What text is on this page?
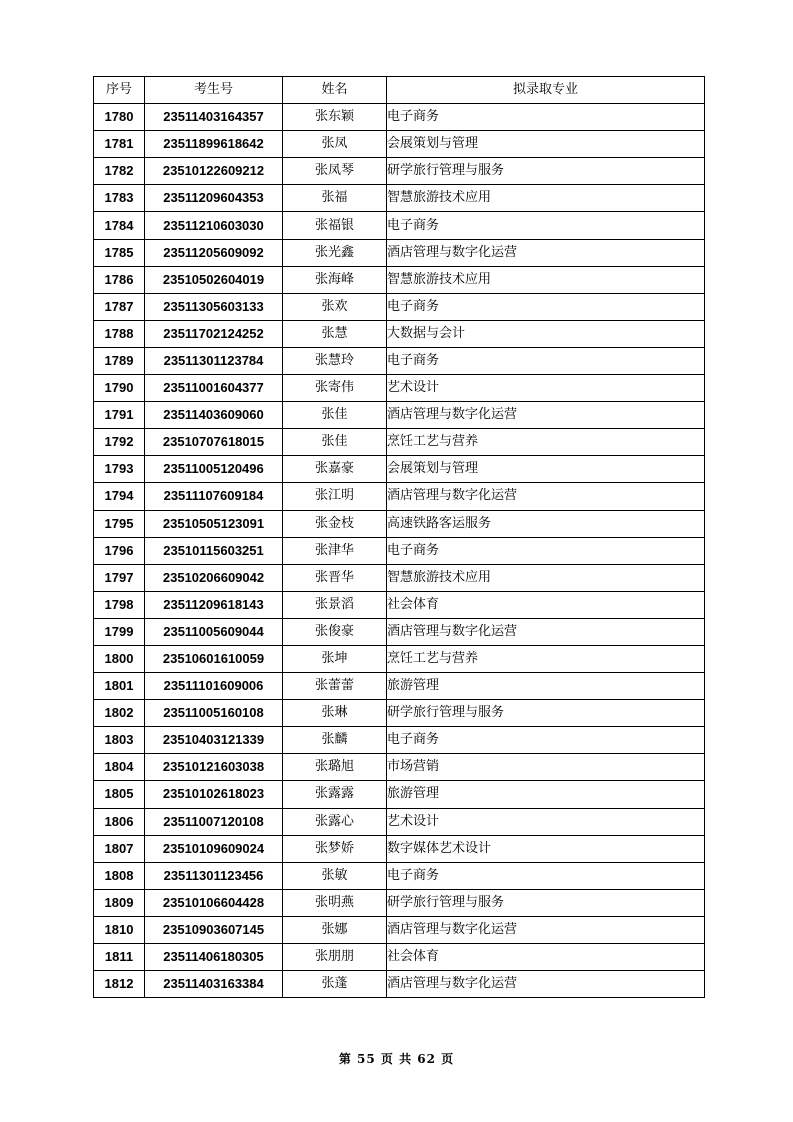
序号	考生号	姓名	拟录取专业
1780	23511403164357	张东颖	电子商务
1781	23511899618642	张凤	会展策划与管理
1782	23510122609212	张凤琴	研学旅行管理与服务
1783	23511209604353	张福	智慧旅游技术应用
1784	23511210603030	张福银	电子商务
1785	23511205609092	张光鑫	酒店管理与数字化运营
1786	23510502604019	张海峰	智慧旅游技术应用
1787	23511305603133	张欢	电子商务
1788	23511702124252	张慧	大数据与会计
1789	23511301123784	张慧玲	电子商务
1790	23511001604377	张寄伟	艺术设计
1791	23511403609060	张佳	酒店管理与数字化运营
1792	23510707618015	张佳	烹饪工艺与营养
1793	23511005120496	张嘉豪	会展策划与管理
1794	23511107609184	张江明	酒店管理与数字化运营
1795	23510505123091	张金枝	高速铁路客运服务
1796	23510115603251	张津华	电子商务
1797	23510206609042	张晋华	智慧旅游技术应用
1798	23511209618143	张景滔	社会体育
1799	23511005609044	张俊豪	酒店管理与数字化运营
1800	23510601610059	张坤	烹饪工艺与营养
1801	23511101609006	张蕾蕾	旅游管理
1802	23511005160108	张琳	研学旅行管理与服务
1803	23510403121339	张麟	电子商务
1804	23510121603038	张璐旭	市场营销
1805	23510102618023	张露露	旅游管理
1806	23511007120108	张露心	艺术设计
1807	23510109609024	张梦娇	数字媒体艺术设计
1808	23511301123456	张敏	电子商务
1809	23510106604428	张明燕	研学旅行管理与服务
1810	23510903607145	张娜	酒店管理与数字化运营
1811	23511406180305	张朋朋	社会体育
1812	23511403163384	张蓬	酒店管理与数字化运营
第 55 页 共 62 页
